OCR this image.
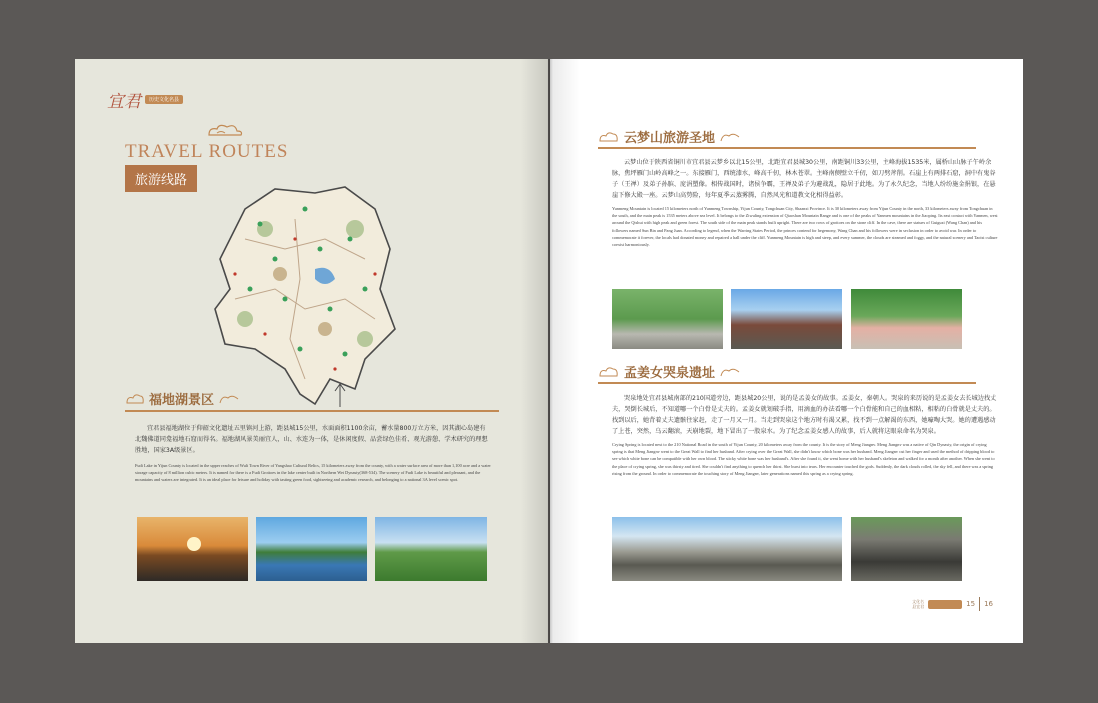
宜君	历史文化名县
TRAVEL ROUTES
旅游线路
福地湖景区

宜君县福地湖位于仰韶文化遗址五里镇河上游，距县城15公里，水面面积1100余亩，蓄水量800万立方米，因其湖心岛建有北魏佛道同龛福地石窟而得名。福地湖风景美丽宜人，山、水连为一体，是休闲度假、品尝绿色佳肴、观光游憩、学术研究的理想胜地，国家3A级景区。

Fudi Lake in Yijun County is located in the upper reaches of Wuli Town River of Yangshao Cultural Relics, 15 kilometers away from the county, with a water surface area of more than 1,100 acre and a water storage capacity of 8 million cubic meters. It is named for there is a Fudi Grottoes in the lake center built in Northern Wei Dynasty(368-534). The scenery of Fudi Lake is beautiful and pleasant, and the mountains and waters are integrated. It is an ideal place for leisure and holiday with tasting green food, sightseeing and academic research, and belonging to a national 3A level scenic spot.

云梦山旅游圣地

云梦山位于陕西省铜川市宜君县云梦乡以北15公里，北距宜君县城30公里，南距铜川33公里，主峰海拔1535米，属桥山山脉子午岭余脉，焦坪雁门山岭高峰之一。东接雁门，西统漆水，峰高千仞，林木苍翠。主峰南侧壁立千仞，如刀劈斧削。石崖上有两排石窟，洞中有鬼谷子（王禅）及弟子孙膑、庞涓塑像。相传战国时，诸侯争霸，王禅及弟子为避战乱，隐居于此地。为了永久纪念，当地人纷纷施金捐银，在悬崖下修大殿一座。云梦山高势险，每年夏季云蒸雾腾，自然风光和道教文化相得益彰。

Yunmeng Mountain is located 15 kilometers north of Yunmeng Township, Yijun County, Tongchuan City, Shaanxi Province. It is 30 kilometers away from Yijun County in the north, 33 kilometers away from Tongchuan in the south, and the main peak is 1535 meters above sea level. It belongs to the Ziwuling extension of Qiaoshan Mountain Range and is one of the peaks of Yanmen mountains in the Jiaoping. Its east contact with Yanmen, west around the Qishui with high peak and green forest. The south side of the main peak stands built upright. There are two rows of grottoes on the stone cliff. In the cave, there are statues of Guiguzi (Wang Chan) and his followers named Sun Bin and Pang Juan. According to legend, when the Warring States Period, the princes contend for hegemony, Wang Chan and his followers were in seclusion in order to avoid war. In order to commemorate it forever, the locals had donated money and repaired a hall under the cliff. Yunmeng Mountain is high and steep, and every summer, the clouds are steamed and foggy, and the natural scenery and Taoist culture coexist harmoniously.

孟姜女哭泉遗址

哭泉地处宜君县城南部的210国道旁边，距县城20公里，说的是孟姜女的故事。孟姜女，秦朝人。哭泉的来历说的是孟姜女去长城边找丈夫，哭倒长城后，不知道哪一个白骨是丈夫的。孟姜女就划破手指，用滴血的办法看哪一个白骨能和自己的血相粘，相粘的白骨就是丈夫的。找到以后，她背着丈夫遗骸往家赶，走了一月又一月。当走到哭泉这个地方时有渴又累，找不到一点解渴的东西，她嚎啕大哭。她的遭遇感动了上苍，突然，乌云翻滚，天崩地裂，地下冒出了一股泉水。为了纪念孟姜女感人的故事，后人就将这眼泉命名为哭泉。

Crying Spring is located next to the 210 National Road in the south of Yijun County, 20 kilometers away from the county. It is the story of Meng Jiangnv. Meng Jiangnv was a native of Qin Dynasty, the origin of crying spring is that Meng Jiangnv went to the Great Wall to find her husband. After crying over the Great Wall, she didn't know which bone was her husband. Meng Jiangnv cut her finger and used the method of dripping blood to see which white bone can be compatible with her own blood. The sticky white bone was her husband's. After she found it, she went home with her husband's skeleton and walked for a month after another. When she went to the place of crying spring, she was thirsty and tired. She couldn't find anything to quench her thirst. She burst into tears. Her encounter touched the gods. Suddenly, the dark clouds rolled, the sky fell, and there was a spring rising from the ground. In order to commemorate the touching story of Meng Jiangnv, later generations named this spring as a crying spring.

文化名
县宜君	15 16
